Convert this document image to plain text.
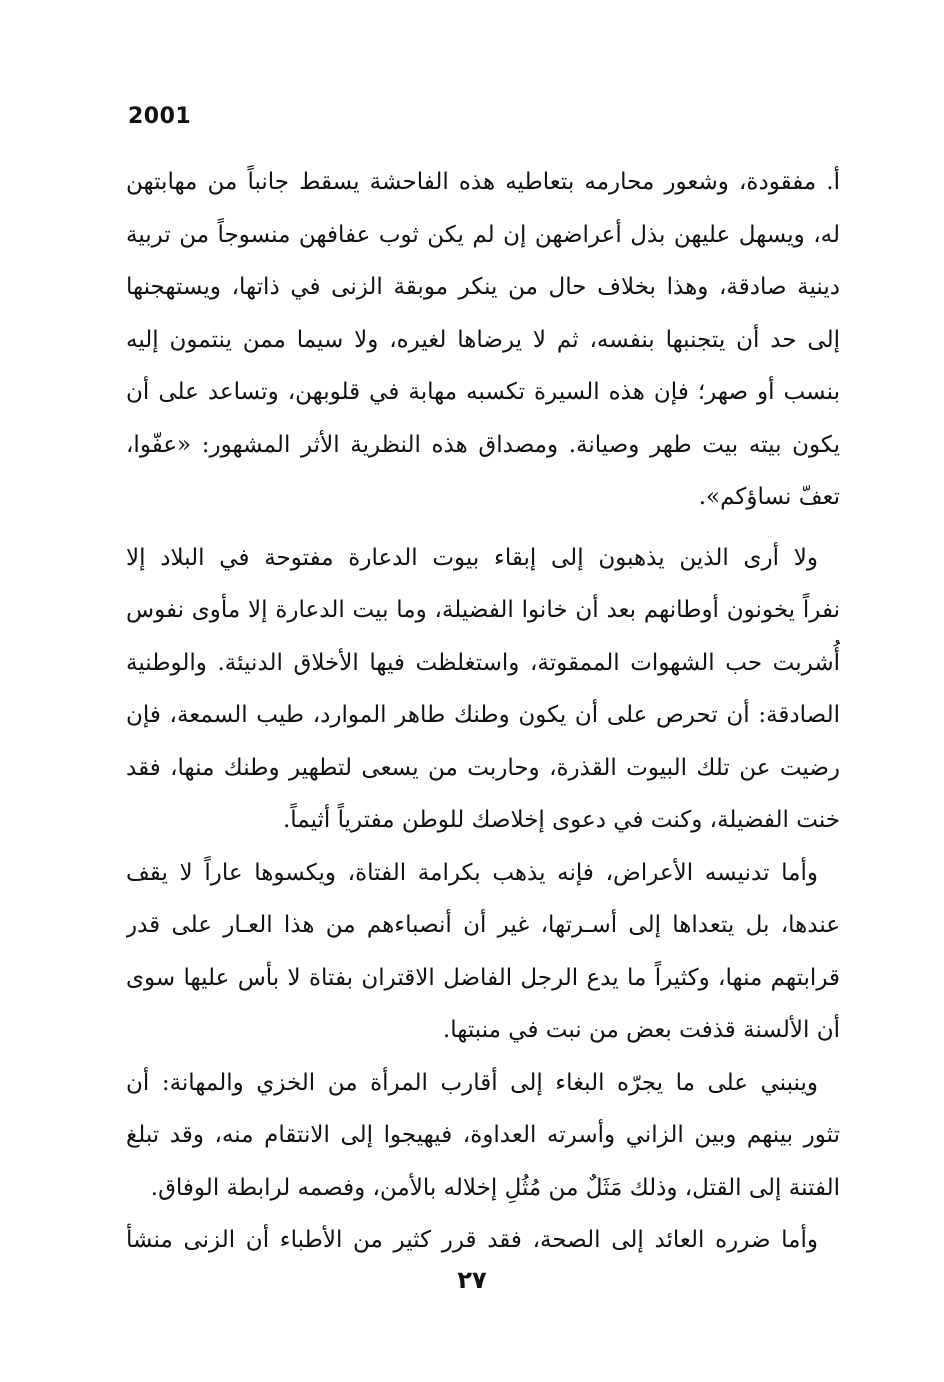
2001
أ. مفقودة، وشعور محارمه بتعاطيه هذه الفاحشة يسقط جانباً من مهابتهن
له، ويسهل عليهن بذل أعراضهن إن لم يكن ثوب عفافهن منسوجاً من تربية
دينية صادقة، وهذا بخلاف حال من ينكر موبقة الزنى في ذاتها، ويستهجنها
إلى حد أن يتجنبها بنفسه، ثم لا يرضاها لغيره، ولا سيما ممن ينتمون إليه
بنسب أو صهر؛ فإن هذه السيرة تكسبه مهابة في قلوبهن، وتساعد على أن
يكون بيته بيت طهر وصيانة. ومصداق هذه النظرية الأثر المشهور: «عفّوا،
تعفّ نساؤكم».
ولا أرى الذين يذهبون إلى إبقاء بيوت الدعارة مفتوحة في البلاد إلا
نفراً يخونون أوطانهم بعد أن خانوا الفضيلة، وما بيت الدعارة إلا مأوى نفوس
أُشربت حب الشهوات الممقوتة، واستغلظت فيها الأخلاق الدنيئة. والوطنية
الصادقة: أن تحرص على أن يكون وطنك طاهر الموارد، طيب السمعة، فإن
رضيت عن تلك البيوت القذرة، وحاربت من يسعى لتطهير وطنك منها، فقد
خنت الفضيلة، وكنت في دعوى إخلاصك للوطن مفترياً أثيماً.
وأما تدنيسه الأعراض، فإنه يذهب بكرامة الفتاة، ويكسوها عاراً لا يقف
عندها، بل يتعداها إلى أسـرتها، غير أن أنصباءهم من هذا العـار على قدر
قرابتهم منها، وكثيراً ما يدع الرجل الفاضل الاقتران بفتاة لا بأس عليها سوى
أن الألسنة قذفت بعض من نبت في منبتها.
وينبني على ما يجرّه البغاء إلى أقارب المرأة من الخزي والمهانة: أن
تثور بينهم وبين الزاني وأسرته العداوة، فيهيجوا إلى الانتقام منه، وقد تبلغ
الفتنة إلى القتل، وذلك مَثَلٌ من مُثُلِ إخلاله بالأمن، وفصمه لرابطة الوفاق.
وأما ضرره العائد إلى الصحة، فقد قرر كثير من الأطباء أن الزنى منشأ
٢٧
